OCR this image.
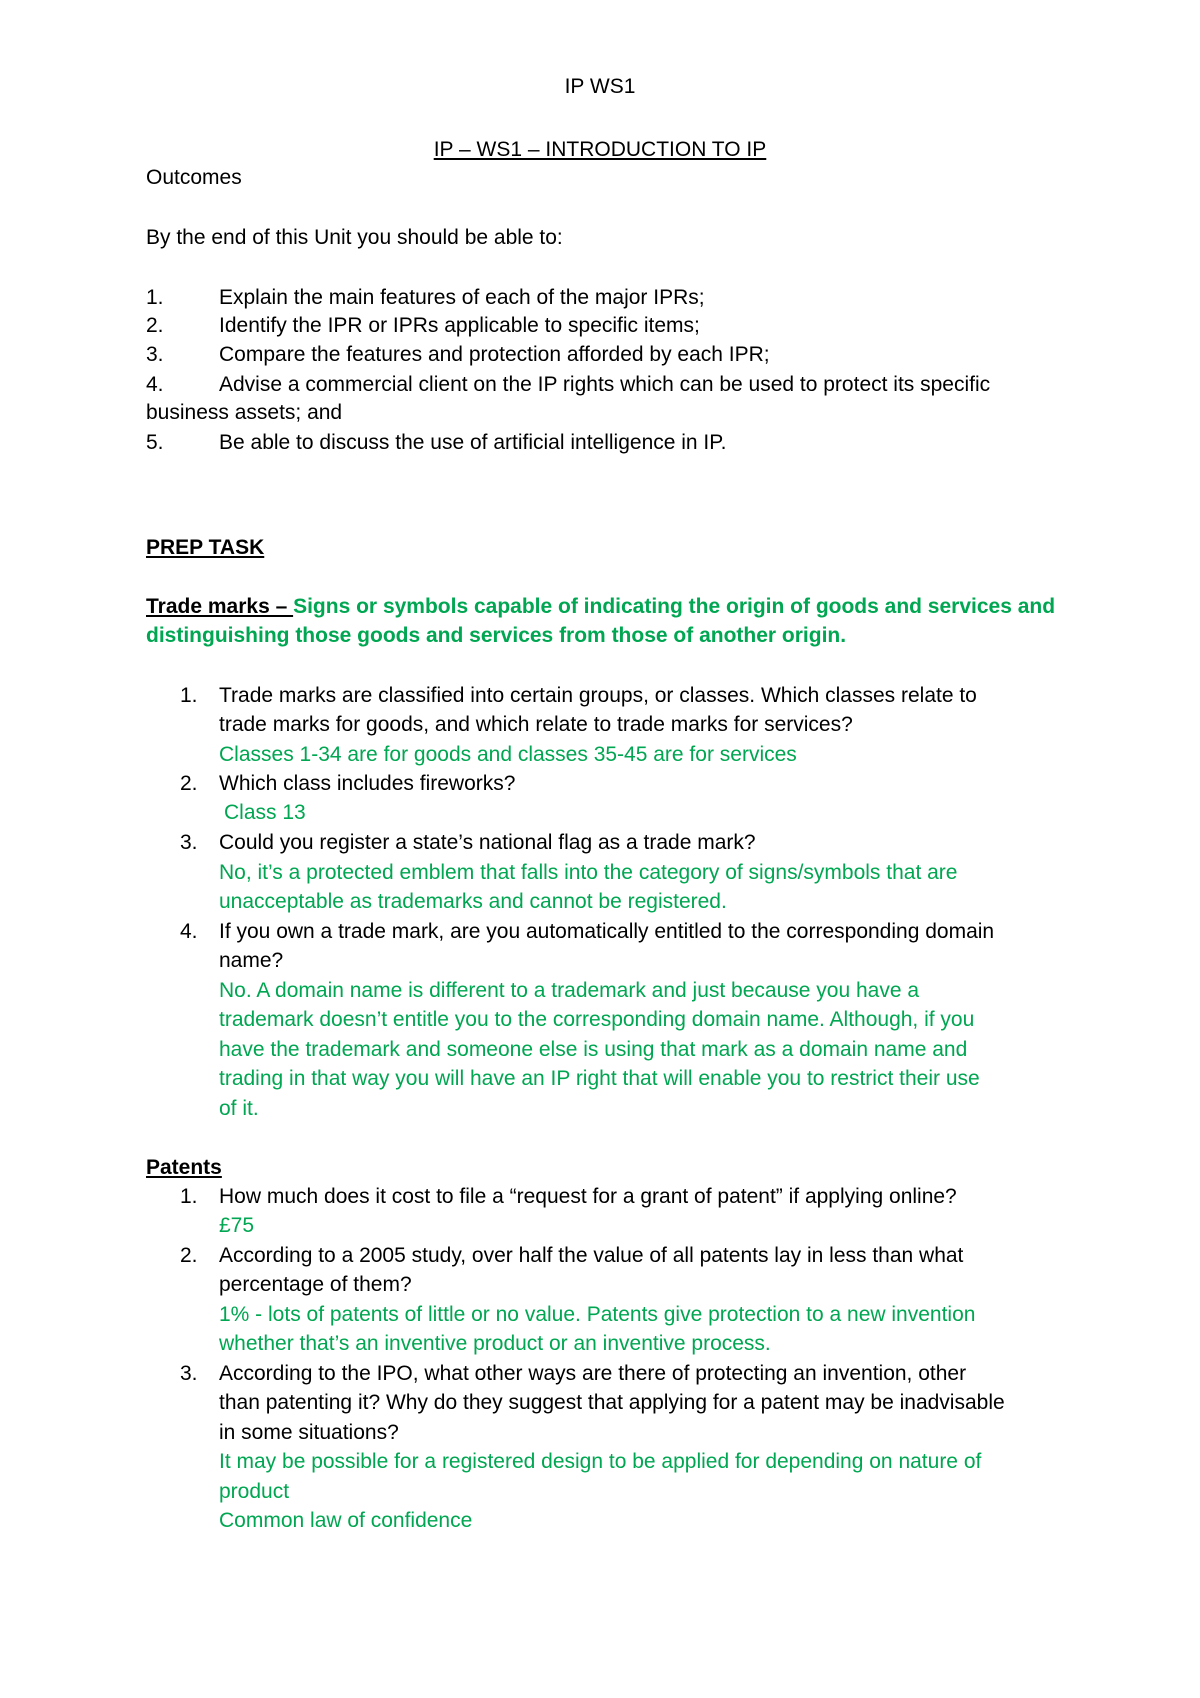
IP WS1
IP – WS1 – INTRODUCTION TO IP
Outcomes
By the end of this Unit you should be able to:
1.	Explain the main features of each of the major IPRs;
2.	Identify the IPR or IPRs applicable to specific items;
3.	Compare the features and protection afforded by each IPR;
4.	Advise a commercial client on the IP rights which can be used to protect its specific
business assets; and
5.	Be able to discuss the use of artificial intelligence in IP.
PREP TASK
Trade marks – Signs or symbols capable of indicating the origin of goods and services and
distinguishing those goods and services from those of another origin.
1. Trade marks are classified into certain groups, or classes. Which classes relate to
trade marks for goods, and which relate to trade marks for services?
Classes 1-34 are for goods and classes 35-45 are for services
2. Which class includes fireworks?
Class 13
3. Could you register a state’s national flag as a trade mark?
No, it’s a protected emblem that falls into the category of signs/symbols that are
unacceptable as trademarks and cannot be registered.
4. If you own a trade mark, are you automatically entitled to the corresponding domain
name?
No. A domain name is different to a trademark and just because you have a
trademark doesn’t entitle you to the corresponding domain name. Although, if you
have the trademark and someone else is using that mark as a domain name and
trading in that way you will have an IP right that will enable you to restrict their use
of it.
Patents
1. How much does it cost to file a “request for a grant of patent” if applying online?
£75
2. According to a 2005 study, over half the value of all patents lay in less than what
percentage of them?
1% - lots of patents of little or no value. Patents give protection to a new invention
whether that’s an inventive product or an inventive process.
3. According to the IPO, what other ways are there of protecting an invention, other
than patenting it? Why do they suggest that applying for a patent may be inadvisable
in some situations?
It may be possible for a registered design to be applied for depending on nature of
product
Common law of confidence
